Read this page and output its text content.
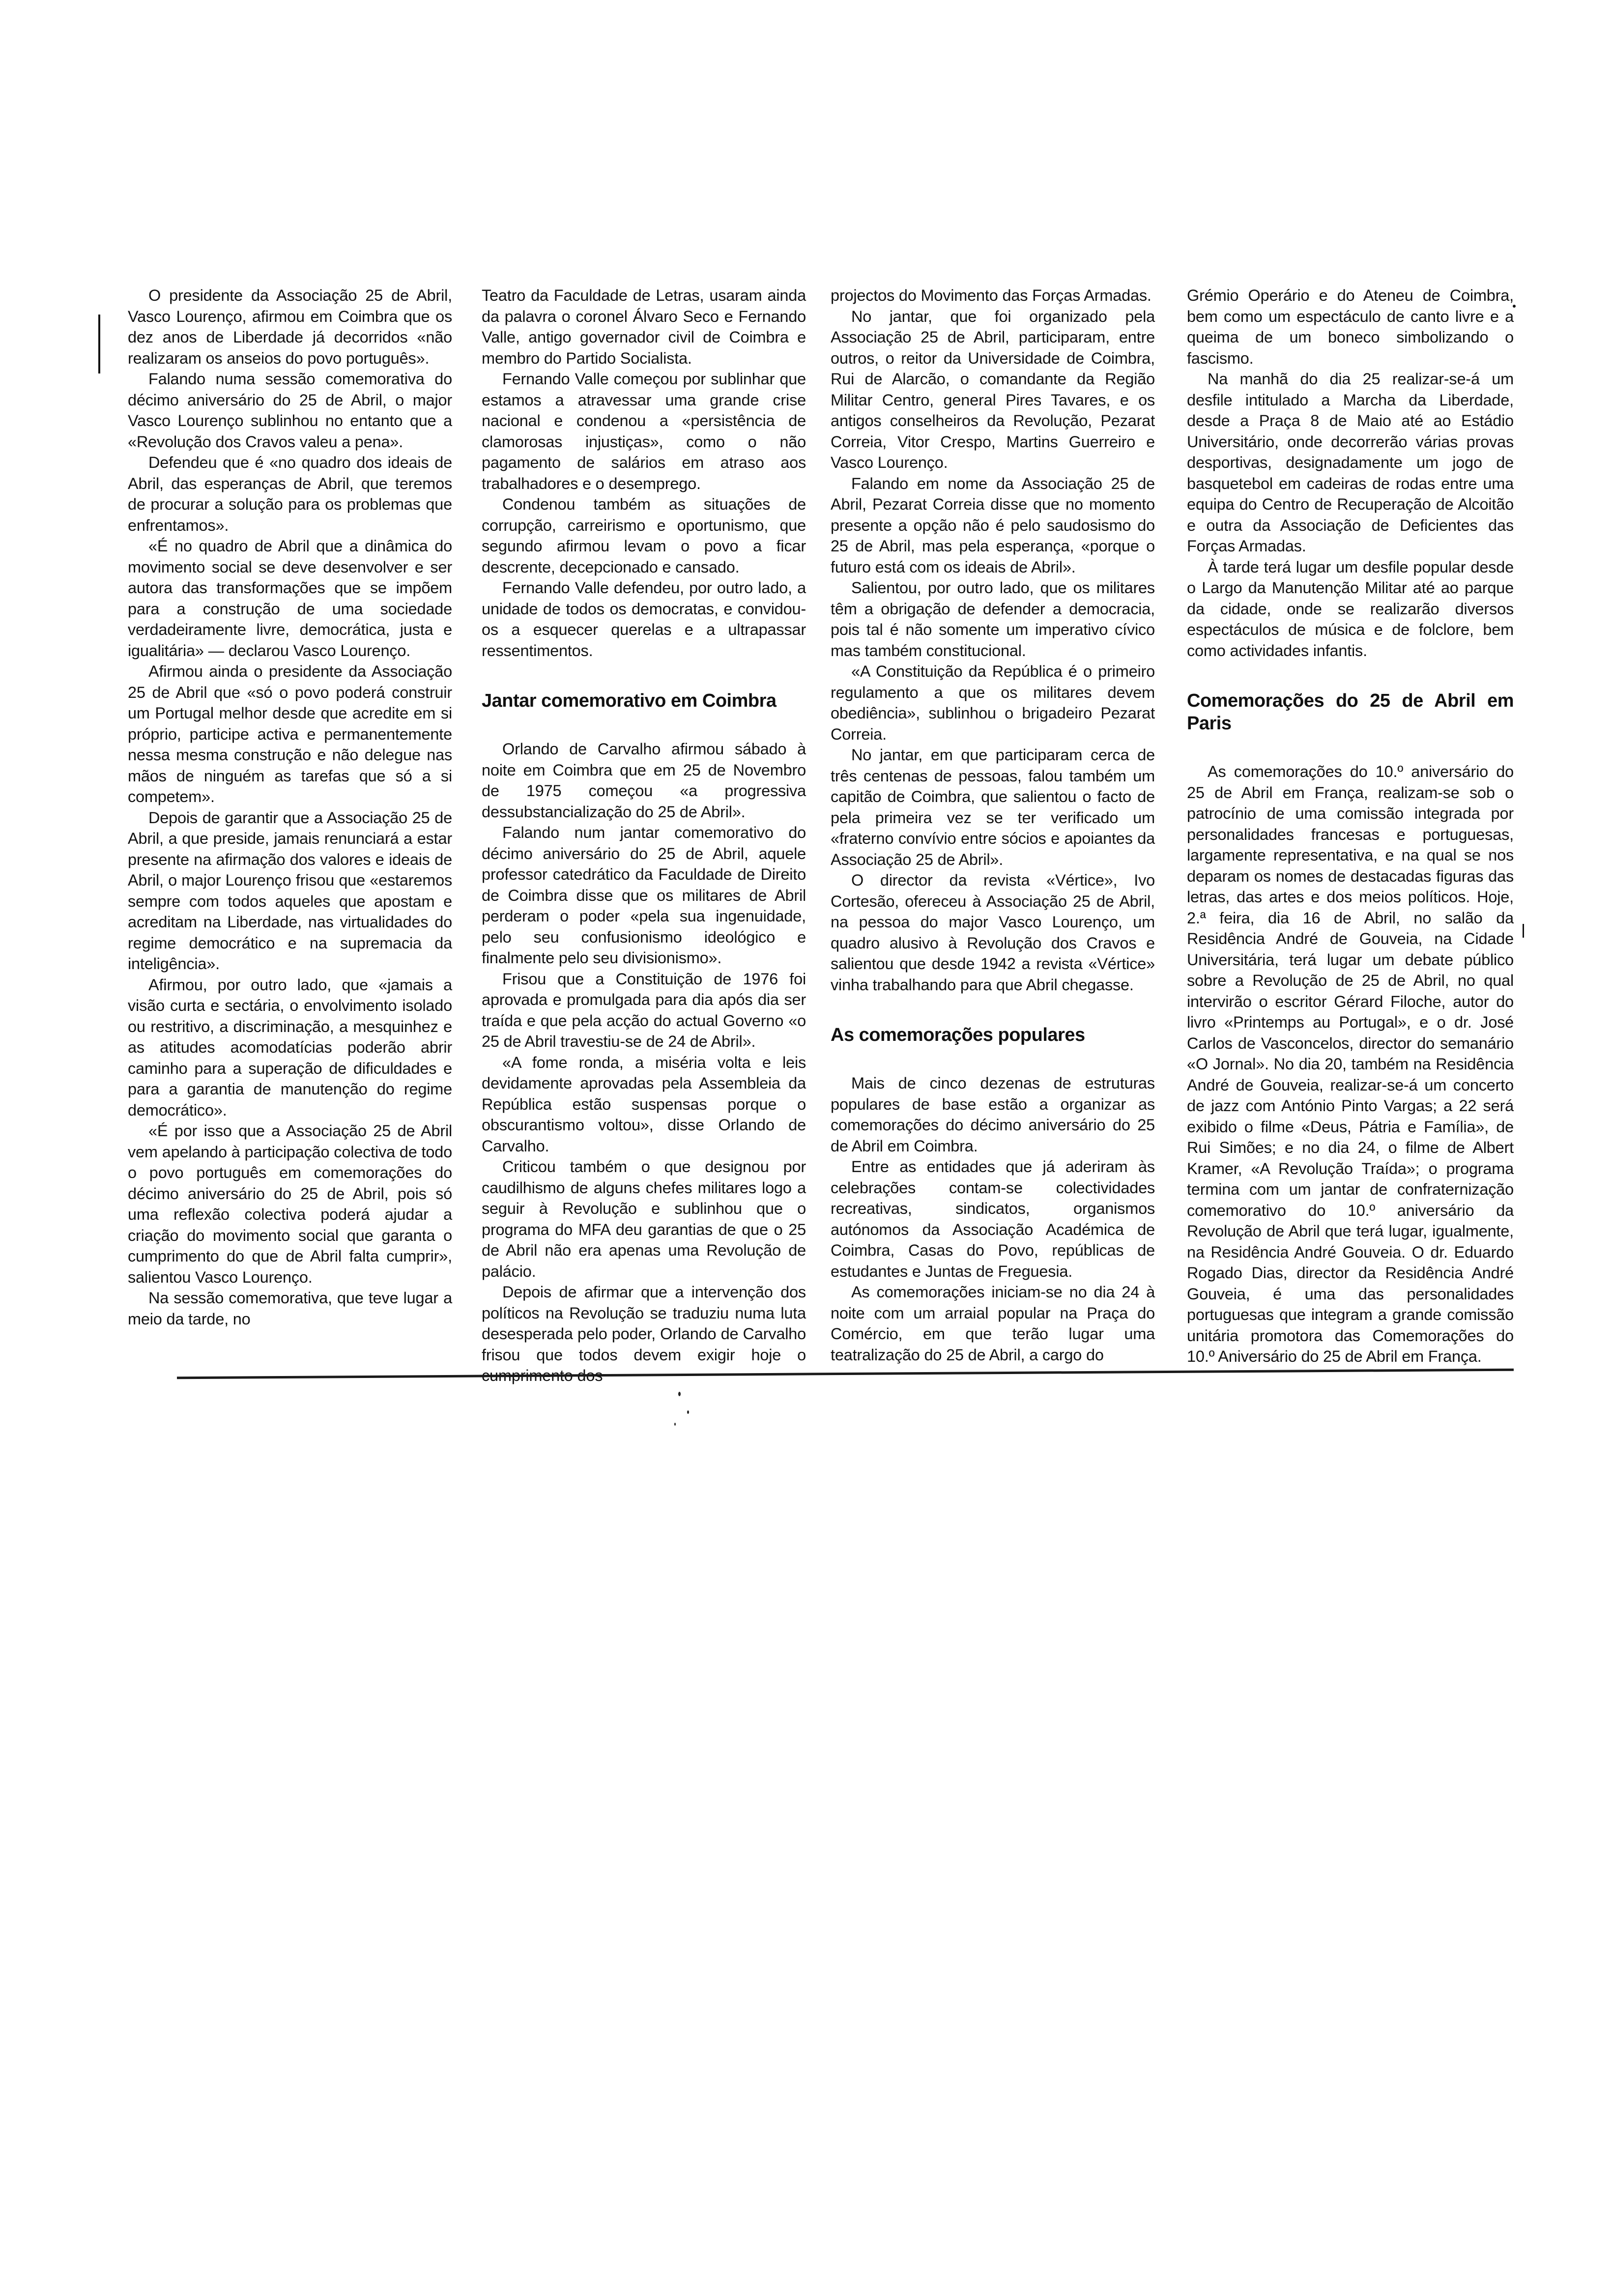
O presidente da Associação 25 de Abril, Vasco Lourenço, afirmou em Coimbra que os dez anos de Liberdade já decorridos «não realizaram os anseios do povo português».

Falando numa sessão comemorativa do décimo aniversário do 25 de Abril, o major Vasco Lourenço sublinhou no entanto que a «Revolução dos Cravos valeu a pena».

Defendeu que é «no quadro dos ideais de Abril, das esperanças de Abril, que teremos de procurar a solução para os problemas que enfrentamos».

«É no quadro de Abril que a dinâmica do movimento social se deve desenvolver e ser autora das transformações que se impõem para a construção de uma sociedade verdadeiramente livre, democrática, justa e igualitária» — declarou Vasco Lourenço.

Afirmou ainda o presidente da Associação 25 de Abril que «só o povo poderá construir um Portugal melhor desde que acredite em si próprio, participe activa e permanentemente nessa mesma construção e não delegue nas mãos de ninguém as tarefas que só a si competem».

Depois de garantir que a Associação 25 de Abril, a que preside, jamais renunciará a estar presente na afirmação dos valores e ideais de Abril, o major Lourenço frisou que «estaremos sempre com todos aqueles que apostam e acreditam na Liberdade, nas virtualidades do regime democrático e na supremacia da inteligência».

Afirmou, por outro lado, que «jamais a visão curta e sectária, o envolvimento isolado ou restritivo, a discriminação, a mesquinhez e as atitudes acomodatícias poderão abrir caminho para a superação de dificuldades e para a garantia de manutenção do regime democrático».

«É por isso que a Associação 25 de Abril vem apelando à participação colectiva de todo o povo português em comemorações do décimo aniversário do 25 de Abril, pois só uma reflexão colectiva poderá ajudar a criação do movimento social que garanta o cumprimento do que de Abril falta cumprir», salientou Vasco Lourenço.

Na sessão comemorativa, que teve lugar a meio da tarde, no

Teatro da Faculdade de Letras, usaram ainda da palavra o coronel Álvaro Seco e Fernando Valle, antigo governador civil de Coimbra e membro do Partido Socialista.

Fernando Valle começou por sublinhar que estamos a atravessar uma grande crise nacional e condenou a «persistência de clamorosas injustiças», como o não pagamento de salários em atraso aos trabalhadores e o desemprego.

Condenou também as situações de corrupção, carreirismo e oportunismo, que segundo afirmou levam o povo a ficar descrente, decepcionado e cansado.

Fernando Valle defendeu, por outro lado, a unidade de todos os democratas, e convidou-os a esquecer querelas e a ultrapassar ressentimentos.

Jantar comemorativo em Coimbra

Orlando de Carvalho afirmou sábado à noite em Coimbra que em 25 de Novembro de 1975 começou «a progressiva dessubstancialização do 25 de Abril».

Falando num jantar comemorativo do décimo aniversário do 25 de Abril, aquele professor catedrático da Faculdade de Direito de Coimbra disse que os militares de Abril perderam o poder «pela sua ingenuidade, pelo seu confusionismo ideológico e finalmente pelo seu divisionismo».

Frisou que a Constituição de 1976 foi aprovada e promulgada para dia após dia ser traída e que pela acção do actual Governo «o 25 de Abril travestiu-se de 24 de Abril».

«A fome ronda, a miséria volta e leis devidamente aprovadas pela Assembleia da República estão suspensas porque o obscurantismo voltou», disse Orlando de Carvalho.

Criticou também o que designou por caudilhismo de alguns chefes militares logo a seguir à Revolução e sublinhou que o programa do MFA deu garantias de que o 25 de Abril não era apenas uma Revolução de palácio.

Depois de afirmar que a intervenção dos políticos na Revolução se traduziu numa luta desesperada pelo poder, Orlando de Carvalho frisou que todos devem exigir hoje o

projectos do Movimento das Forças Armadas.

No jantar, que foi organizado pela Associação 25 de Abril, participaram, entre outros, o reitor da Universidade de Coimbra, Rui de Alarcão, o comandante da Região Militar Centro, general Pires Tavares, e os antigos conselheiros da Revolução, Pezarat Correia, Vitor Crespo, Martins Guerreiro e Vasco Lourenço.

Falando em nome da Associação 25 de Abril, Pezarat Correia disse que no momento presente a opção não é pelo saudosismo do 25 de Abril, mas pela esperança, «porque o futuro está com os ideais de Abril».

Salientou, por outro lado, que os militares têm a obrigação de defender a democracia, pois tal é não somente um imperativo cívico mas também constitucional.

«A Constituição da República é o primeiro regulamento a que os militares devem obediência», sublinhou o brigadeiro Pezarat Correia.

No jantar, em que participaram cerca de três centenas de pessoas, falou também um capitão de Coimbra, que salientou o facto de pela primeira vez se ter verificado um «fraterno convívio entre sócios e apoiantes da Associação 25 de Abril».

O director da revista «Vértice», Ivo Cortesão, ofereceu à Associação 25 de Abril, na pessoa do major Vasco Lourenço, um quadro alusivo à Revolução dos Cravos e salientou que desde 1942 a revista «Vértice» vinha trabalhando para que Abril chegasse.

As comemorações populares

Mais de cinco dezenas de estruturas populares de base estão a organizar as comemorações do décimo aniversário do 25 de Abril em Coimbra.

Entre as entidades que já aderiram às celebrações contam-se colectividades recreativas, sindicatos, organismos autónomos da Associação Académica de Coimbra, Casas do Povo, repúblicas de estudantes e Juntas de Freguesia.

As comemorações iniciam-se no dia 24 à noite com um arraial popular na Praça do Comércio, em que terão lugar uma teatralização do 25 de Abril, a cargo do

Grémio Operário e do Ateneu de Coimbra, bem como um espectáculo de canto livre e a queima de um boneco simbolizando o fascismo.

Na manhã do dia 25 realizar-se-á um desfile intitulado a Marcha da Liberdade, desde a Praça 8 de Maio até ao Estádio Universitário, onde decorrerão várias provas desportivas, designadamente um jogo de basquetebol em cadeiras de rodas entre uma equipa do Centro de Recuperação de Alcoitão e outra da Associação de Deficientes das Forças Armadas.

À tarde terá lugar um desfile popular desde o Largo da Manutenção Militar até ao parque da cidade, onde se realizarão diversos espectáculos de música e de folclore, bem como actividades infantis.

Comemorações do 25 de Abril em Paris

As comemorações do 10.º aniversário do 25 de Abril em França, realizam-se sob o patrocínio de uma comissão integrada por personalidades francesas e portuguesas, largamente representativa, e na qual se nos deparam os nomes de destacadas figuras das letras, das artes e dos meios políticos. Hoje, 2.ª feira, dia 16 de Abril, no salão da Residência André de Gouveia, na Cidade Universitária, terá lugar um debate público sobre a Revolução de 25 de Abril, no qual intervirão o escritor Gérard Filoche, autor do livro «Printemps au Portugal», e o dr. José Carlos de Vasconcelos, director do semanário «O Jornal». No dia 20, também na Residência André de Gouveia, realizar-se-á um concerto de jazz com António Pinto Vargas; a 22 será exibido o filme «Deus, Pátria e Família», de Rui Simões; e no dia 24, o filme de Albert Kramer, «A Revolução Traída»; o programa termina com um jantar de confraternização comemorativo do 10.º aniversário da Revolução de Abril que terá lugar, igualmente, na Residência André Gouveia. O dr. Eduardo Rogado Dias, director da Residência André Gouveia, é uma das personalidades portuguesas que integram a grande comissão unitária promotora das Comemorações do 10.º Aniversário do 25 de Abril em França.
